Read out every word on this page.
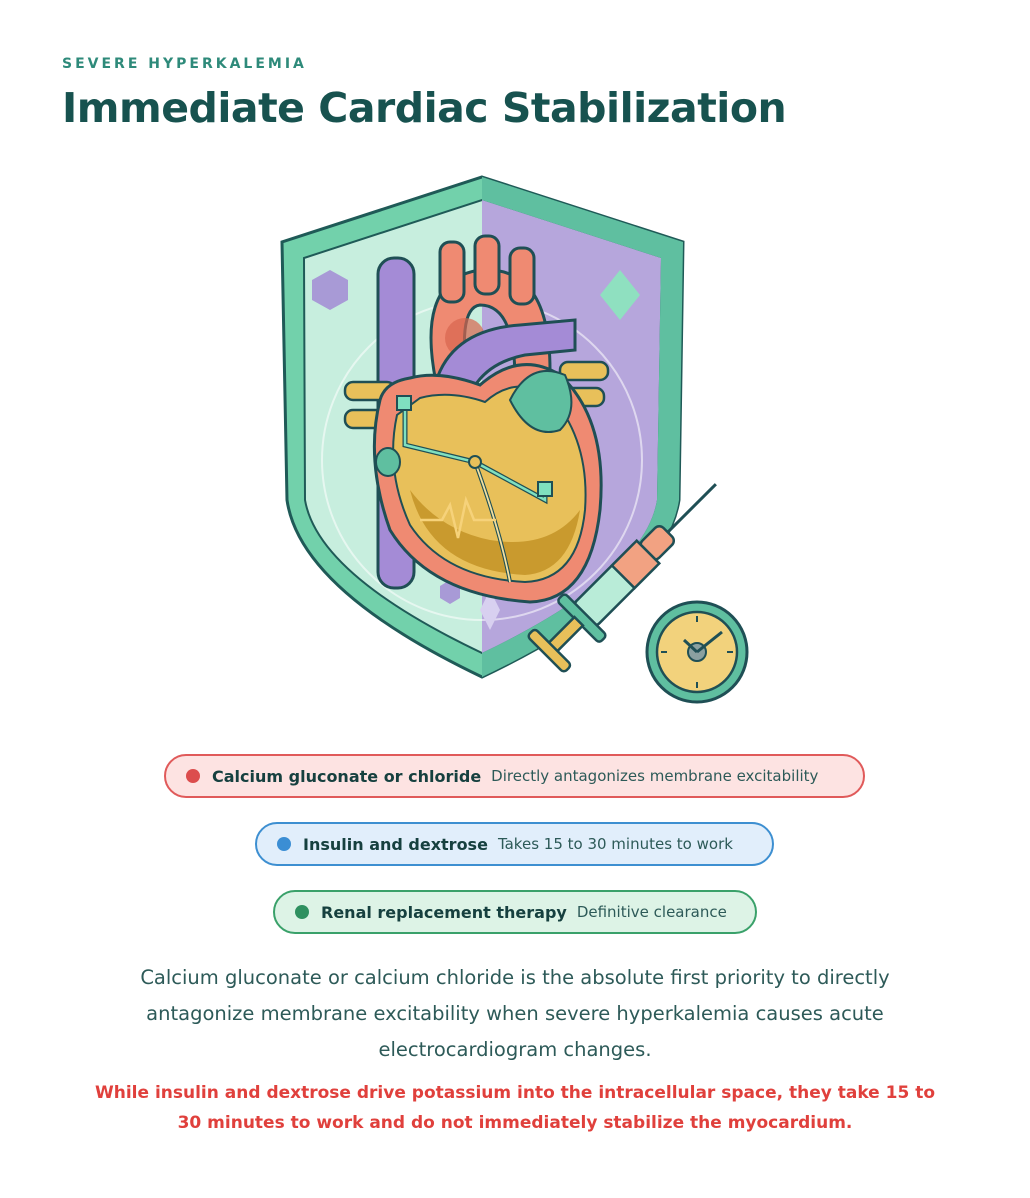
SEVERE HYPERKALEMIA
Immediate Cardiac Stabilization
Calcium gluconate or chloride Directly antagonizes membrane excitability
Insulin and dextrose Takes 15 to 30 minutes to work
Renal replacement therapy Definitive clearance
Calcium gluconate or calcium chloride is the absolute first priority to directly antagonize membrane excitability when severe hyperkalemia causes acute electrocardiogram changes.
While insulin and dextrose drive potassium into the intracellular space, they take 15 to 30 minutes to work and do not immediately stabilize the myocardium.
